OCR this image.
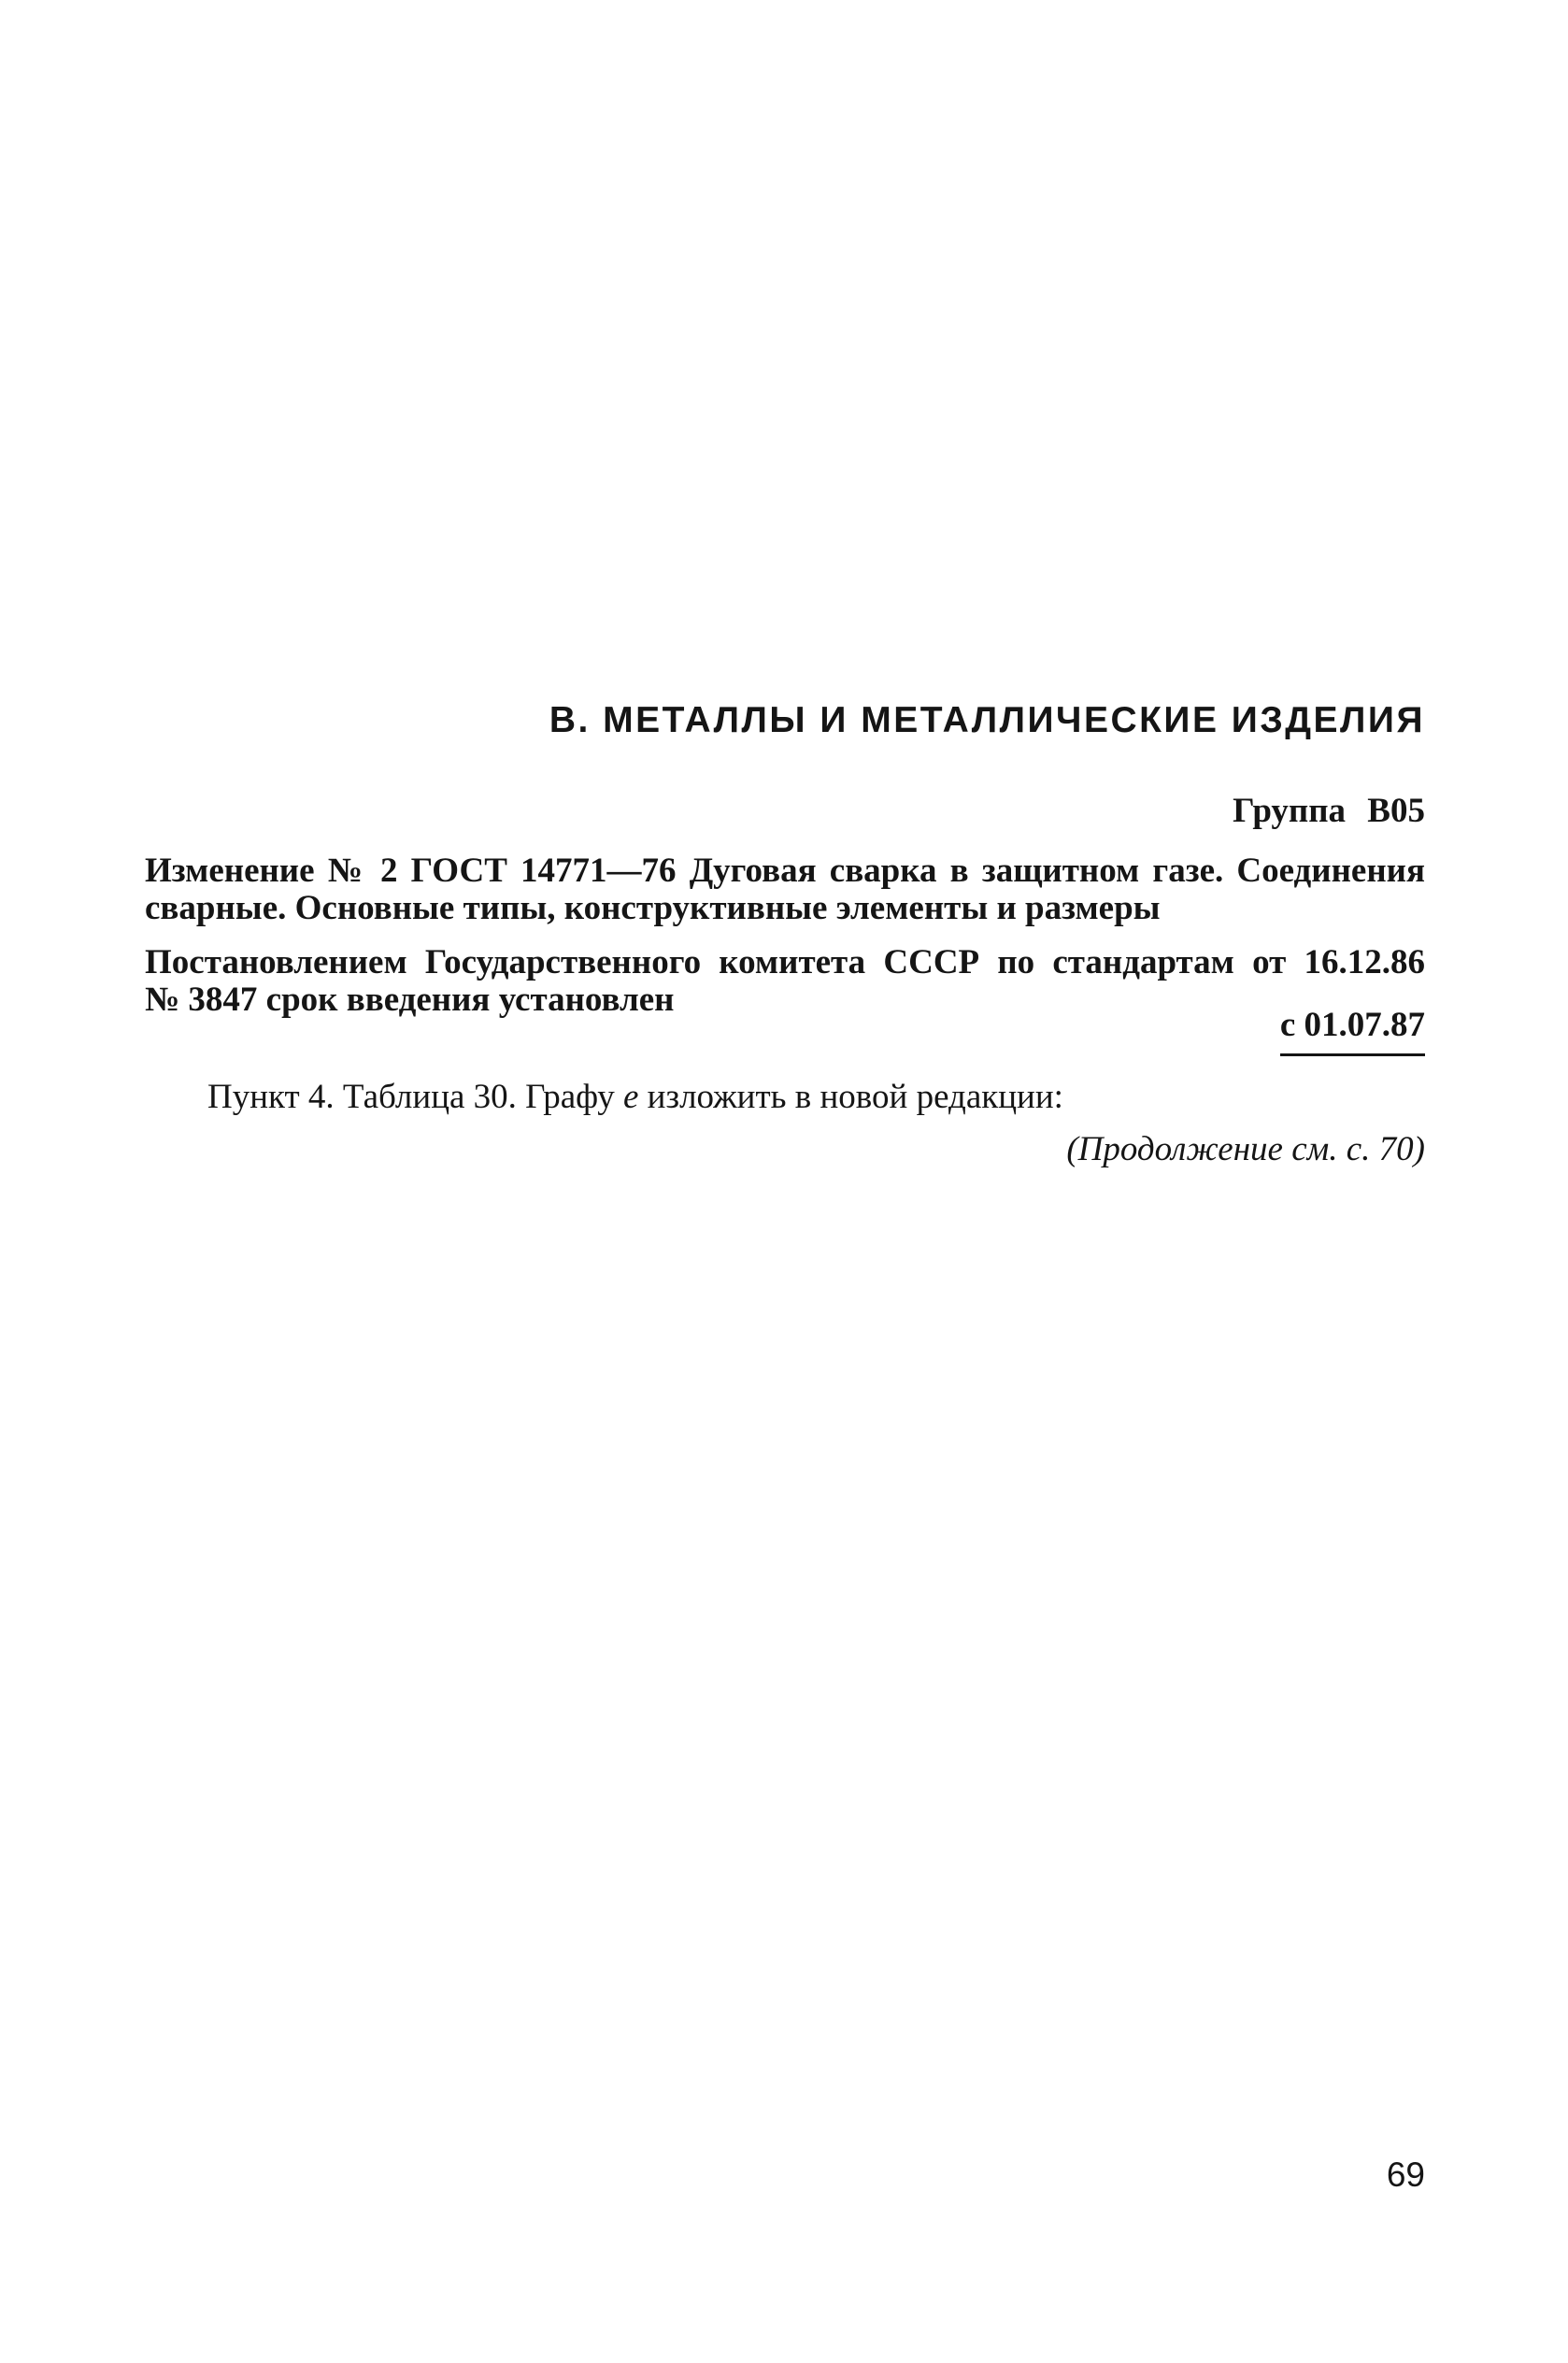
В. МЕТАЛЛЫ И МЕТАЛЛИЧЕСКИЕ ИЗДЕЛИЯ
Группа В05

Изменение № 2 ГОСТ 14771—76 Дуговая сварка в защитном газе. Соединения

сварные. Основные типы, конструктивные элементы и размеры

Постановлением Государственного комитета СССР по стандартам от 16.12.86

№ 3847 срок введения установлен

с 01.07.87
Пункт 4. Таблица 30. Графу е изложить в новой редакции:
(Продолжение см. с. 70)
69
